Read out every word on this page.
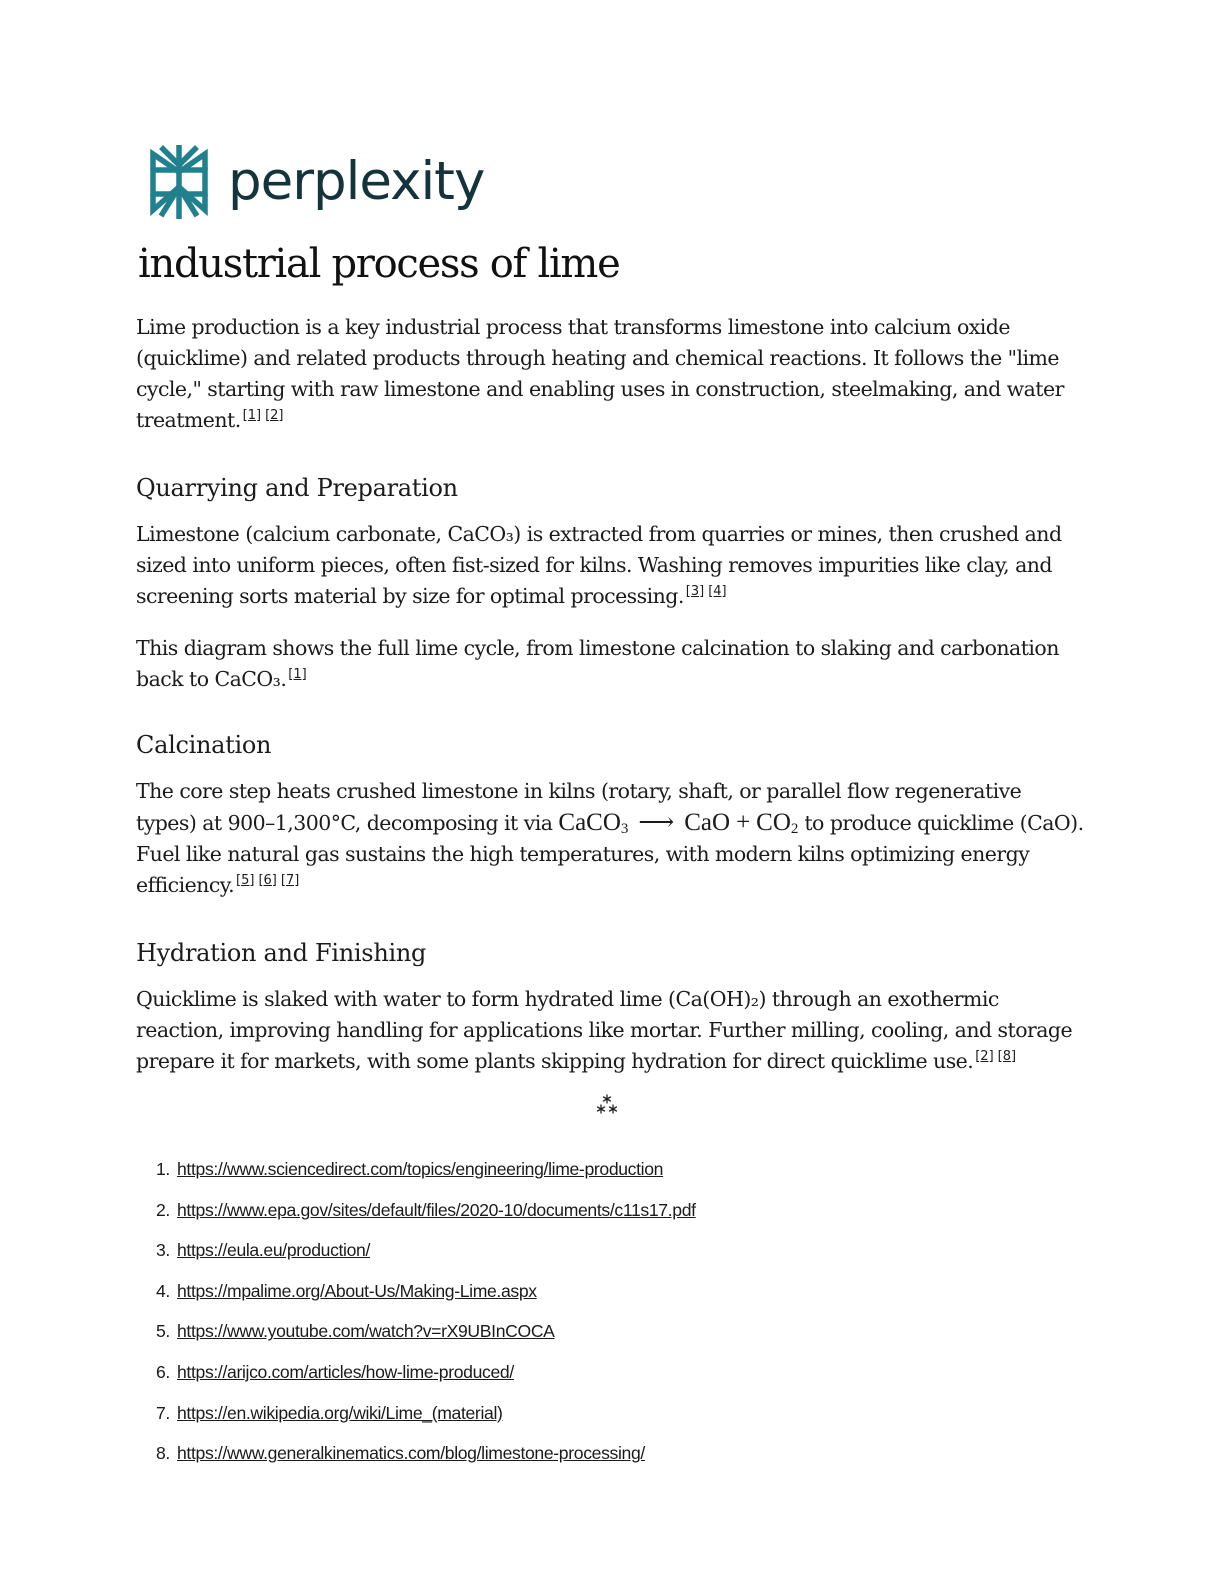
perplexity
industrial process of lime

Lime production is a key industrial process that transforms limestone into calcium oxide (quicklime) and related products through heating and chemical reactions. It follows the "lime cycle," starting with raw limestone and enabling uses in construction, steelmaking, and water treatment. [1] [2]

Quarrying and Preparation

Limestone (calcium carbonate, CaCO₃) is extracted from quarries or mines, then crushed and sized into uniform pieces, often fist-sized for kilns. Washing removes impurities like clay, and screening sorts material by size for optimal processing. [3] [4]

This diagram shows the full lime cycle, from limestone calcination to slaking and carbonation back to CaCO₃. [1]

Calcination

The core step heats crushed limestone in kilns (rotary, shaft, or parallel flow regenerative types) at 900–1,300°C, decomposing it via CaCO$_3$ ⟶ CaO + $CO_2$ to produce quicklime (CaO). Fuel like natural gas sustains the high temperatures, with modern kilns optimizing energy efficiency. [5] [6] [7]

Hydration and Finishing

Quicklime is slaked with water to form hydrated lime (Ca(OH)₂) through an exothermic reaction, improving handling for applications like mortar. Further milling, cooling, and storage prepare it for markets, with some plants skipping hydration for direct quicklime use. [2] [8]

1. https://www.sciencedirect.com/topics/engineering/lime-production
2. https://www.epa.gov/sites/default/files/2020-10/documents/c11s17.pdf
3. https://eula.eu/production/
4. https://mpalime.org/About-Us/Making-Lime.aspx
5. https://www.youtube.com/watch?v=rX9UBInCOCA
6. https://arijco.com/articles/how-lime-produced/
7. https://en.wikipedia.org/wiki/Lime_(material)
8. https://www.generalkinematics.com/blog/limestone-processing/
